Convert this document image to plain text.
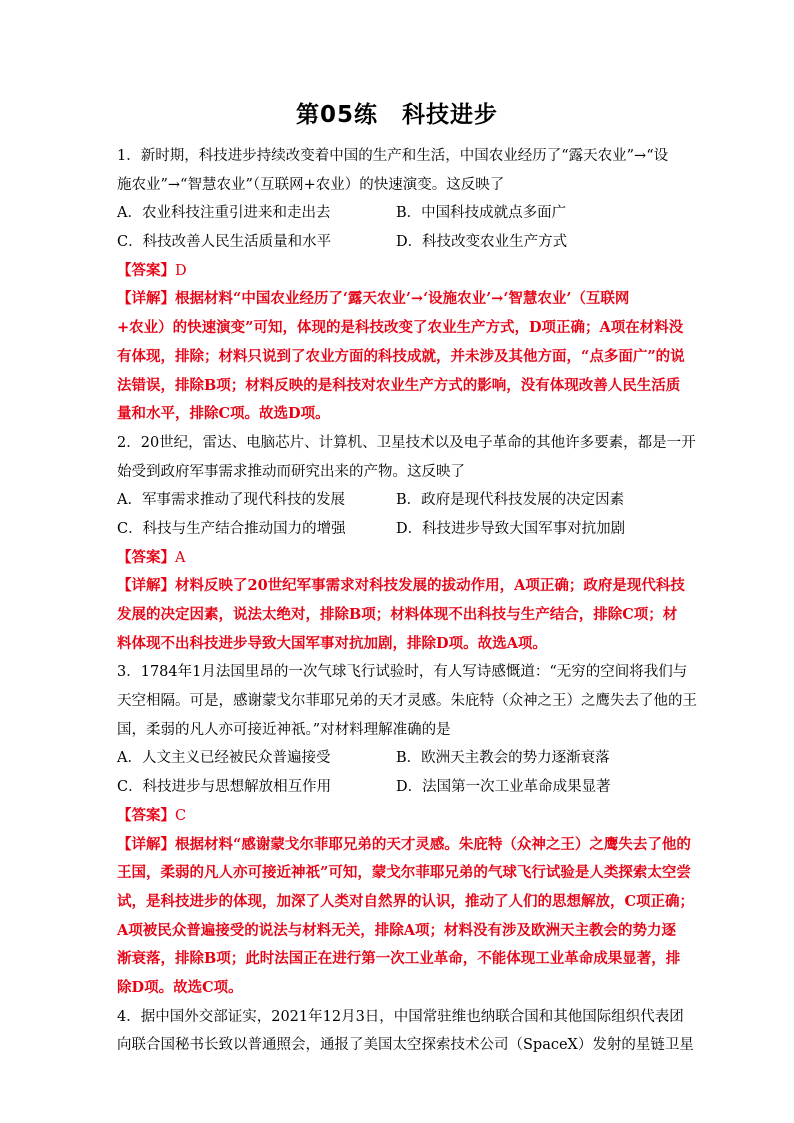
第05练　科技进步
1．新时期，科技进步持续改变着中国的生产和生活，中国农业经历了“露天农业”→“设
施农业”→“智慧农业”（互联网+农业）的快速演变。这反映了
A．农业科技注重引进来和走出去	B．中国科技成就点多面广
C．科技改善人民生活质量和水平	D．科技改变农业生产方式
【答案】D
【详解】根据材料“中国农业经历了‘露天农业’→‘设施农业’→‘智慧农业’（互联网
+农业）的快速演变”可知，体现的是科技改变了农业生产方式，D项正确；A项在材料没
有体现，排除；材料只说到了农业方面的科技成就，并未涉及其他方面，“点多面广”的说
法错误，排除B项；材料反映的是科技对农业生产方式的影响，没有体现改善人民生活质
量和水平，排除C项。故选D项。
2．20世纪，雷达、电脑芯片、计算机、卫星技术以及电子革命的其他许多要素，都是一开
始受到政府军事需求推动而研究出来的产物。这反映了
A．军事需求推动了现代科技的发展	B．政府是现代科技发展的决定因素
C．科技与生产结合推动国力的增强	D．科技进步导致大国军事对抗加剧
【答案】A
【详解】材料反映了20世纪军事需求对科技发展的拔动作用，A项正确；政府是现代科技
发展的决定因素，说法太绝对，排除B项；材料体现不出科技与生产结合，排除C项；材
料体现不出科技进步导致大国军事对抗加剧，排除D项。故选A项。
3．1784年1月法国里昂的一次气球飞行试验时，有人写诗感慨道：“无穷的空间将我们与
天空相隔。可是，感谢蒙戈尔菲耶兄弟的天才灵感。朱庇特（众神之王）之鹰失去了他的王
国，柔弱的凡人亦可接近神祇。”对材料理解准确的是
A．人文主义已经被民众普遍接受	B．欧洲天主教会的势力逐渐衰落
C．科技进步与思想解放相互作用	D．法国第一次工业革命成果显著
【答案】C
【详解】根据材料“感谢蒙戈尔菲耶兄弟的天才灵感。朱庇特（众神之王）之鹰失去了他的
王国，柔弱的凡人亦可接近神祇”可知，蒙戈尔菲耶兄弟的气球飞行试验是人类探索太空尝
试，是科技进步的体现，加深了人类对自然界的认识，推动了人们的思想解放，C项正确；
A项被民众普遍接受的说法与材料无关，排除A项；材料没有涉及欧洲天主教会的势力逐
渐衰落，排除B项；此时法国正在进行第一次工业革命，不能体现工业革命成果显著，排
除D项。故选C项。
4．据中国外交部证实，2021年12月3日，中国常驻维也纳联合国和其他国际组织代表团
向联合国秘书长致以普通照会，通报了美国太空探索技术公司（SpaceX）发射的星链卫星
